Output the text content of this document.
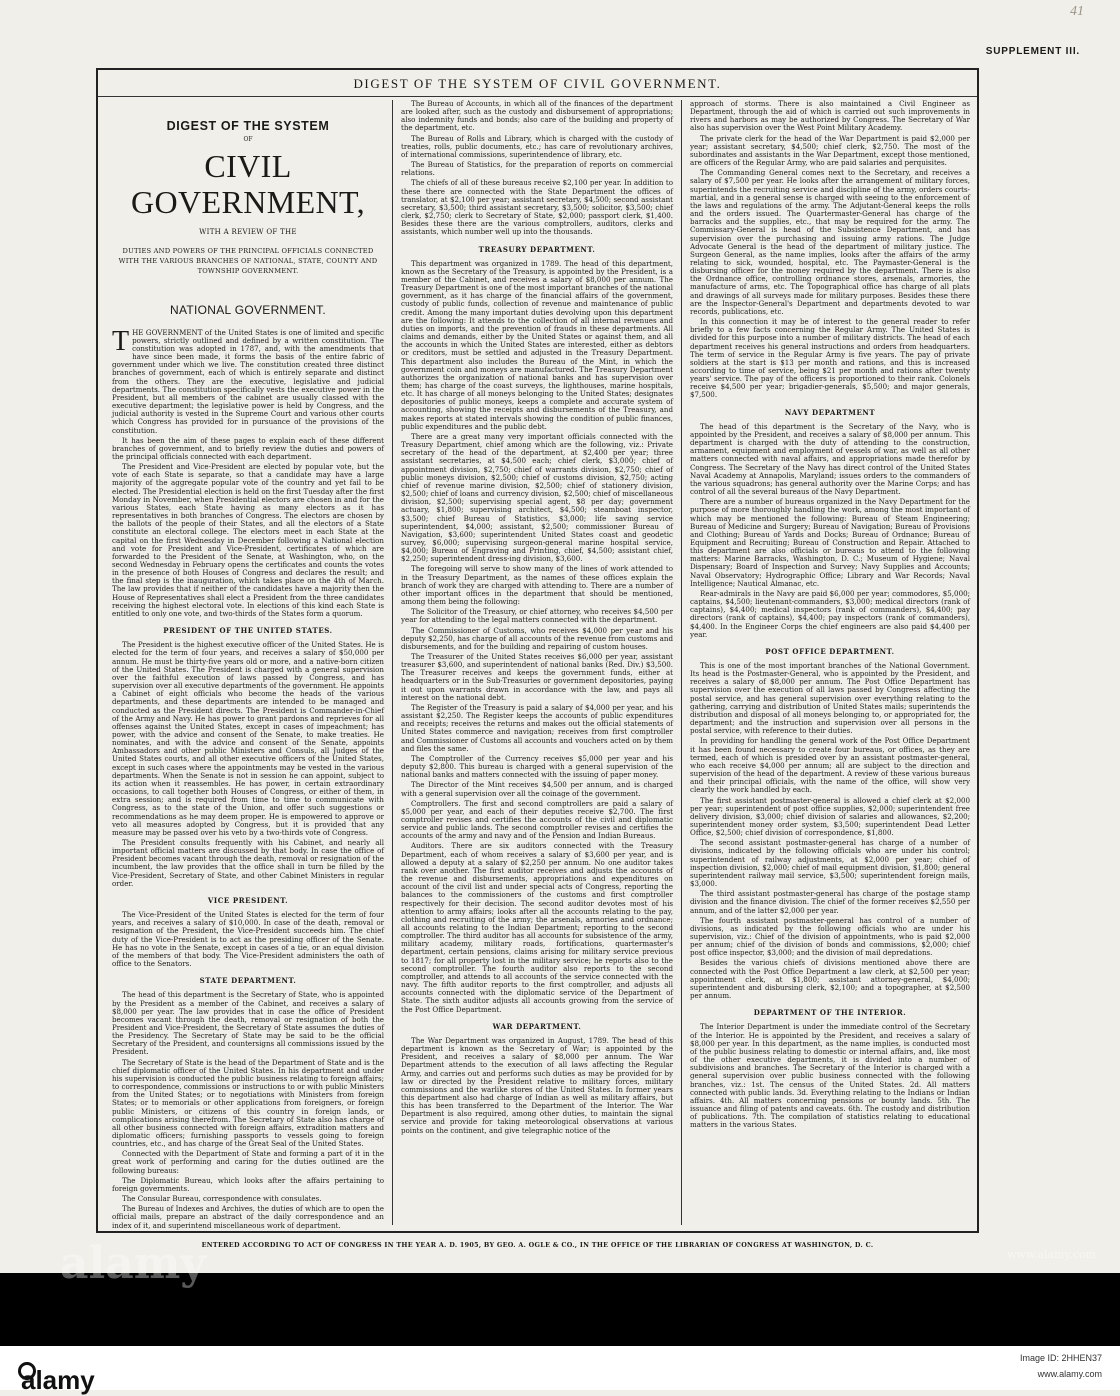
41
SUPPLEMENT III.
DIGEST OF THE SYSTEM OF CIVIL GOVERNMENT.
DIGEST OF THE SYSTEM
OF
CIVIL GOVERNMENT,
WITH A REVIEW OF THE
DUTIES AND POWERS OF THE PRINCIPAL OFFICIALS CONNECTED WITH THE VARIOUS BRANCHES OF NATIONAL, STATE, COUNTY AND TOWNSHIP GOVERNMENT.
NATIONAL GOVERNMENT.

THE GOVERNMENT of the United States is one of limited and specific powers, strictly outlined and defined by a written constitution. The constitution was adopted in 1787, and, with the amendments that have since been made, it forms the basis of the entire fabric of government under which we live. The constitution created three distinct branches of government, each of which is entirely separate and distinct from the others. They are the executive, legislative and judicial departments. The constitution specifically vests the executive power in the President, but all members of the cabinet are usually classed with the executive department; the legislative power is held by Congress, and the judicial authority is vested in the Supreme Court and various other courts which Congress has provided for in pursuance of the provisions of the constitution.

It has been the aim of these pages to explain each of these different branches of government, and to briefly review the duties and powers of the principal officials connected with each department.

The President and Vice-President are elected by popular vote, but the vote of each State is separate, so that a candidate may have a large majority of the aggregate popular vote of the country and yet fail to be elected. The Presidential election is held on the first Tuesday after the first Monday in November, when Presidential electors are chosen in and for the various States, each State having as many electors as it has representatives in both branches of Congress. The electors are chosen by the ballots of the people of their States, and all the electors of a State constitute an electoral college. The electors meet in each State at the capital on the first Wednesday in December following a National election and vote for President and Vice-President, certificates of which are forwarded to the President of the Senate, at Washington, who, on the second Wednesday in February opens the certificates and counts the votes in the presence of both Houses of Congress and declares the result; and the final step is the inauguration, which takes place on the 4th of March. The law provides that if neither of the candidates have a majority then the House of Representatives shall elect a President from the three candidates receiving the highest electoral vote. In elections of this kind each State is entitled to only one vote, and two-thirds of the States form a quorum.

PRESIDENT OF THE UNITED STATES.

The President is the highest executive officer of the United States. He is elected for the term of four years, and receives a salary of $50,000 per annum. He must be thirty-five years old or more, and a native-born citizen of the United States. The President is charged with a general supervision over the faithful execution of laws passed by Congress, and has supervision over all executive departments of the government. He appoints a Cabinet of eight officials who become the heads of the various departments, and these departments are intended to be managed and conducted as the President directs. The President is Commander-in-Chief of the Army and Navy. He has power to grant pardons and reprieves for all offenses against the United States, except in cases of impeachment; has power, with the advice and consent of the Senate, to make treaties. He nominates, and with the advice and consent of the Senate, appoints Ambassadors and other public Ministers and Consuls, all Judges of the United States courts, and all other executive officers of the United States, except in such cases where the appointments may be vested in the various departments. When the Senate is not in session he can appoint, subject to its action when it reassembles. He has power, in certain extraordinary occasions, to call together both Houses of Congress, or either of them, in extra session; and is required from time to time to communicate with Congress, as to the state of the Union, and offer such suggestions or recommendations as he may deem proper. He is empowered to approve or veto all measures adopted by Congress, but it is provided that any measure may be passed over his veto by a two-thirds vote of Congress.

The President consults frequently with his Cabinet, and nearly all important official matters are discussed by that body. In case the office of President becomes vacant through the death, removal or resignation of the incumbent, the law provides that the office shall in turn be filled by the Vice-President, Secretary of State, and other Cabinet Ministers in regular order.

VICE PRESIDENT.

The Vice-President of the United States is elected for the term of four years, and receives a salary of $10,000. In case of the death, removal or resignation of the President, the Vice-President succeeds him. The chief duty of the Vice-President is to act as the presiding officer of the Senate. He has no vote in the Senate, except in cases of a tie, or an equal division of the members of that body. The Vice-President administers the oath of office to the Senators.

STATE DEPARTMENT.

The head of this department is the Secretary of State, who is appointed by the President as a member of the Cabinet, and receives a salary of $8,000 per year. The law provides that in case the office of President becomes vacant through the death, removal or resignation of both the President and Vice-President, the Secretary of State assumes the duties of the Presidency. The Secretary of State may be said to be the official Secretary of the President, and countersigns all commissions issued by the President.

The Secretary of State is the head of the Department of State and is the chief diplomatic officer of the United States. In his department and under his supervision is conducted the public business relating to foreign affairs; to correspondence, commissions or instructions to or with public Ministers from the United States; or to negotiations with Ministers from foreign States; or to memorials or other applications from foreigners, or foreign public Ministers, or citizens of this country in foreign lands, or complications arising therefrom. The Secretary of State also has charge of all other business connected with foreign affairs, extradition matters and diplomatic officers; furnishing passports to vessels going to foreign countries, etc., and has charge of the Great Seal of the United States.

Connected with the Department of State and forming a part of it in the great work of performing and caring for the duties outlined are the following bureaus:

The Diplomatic Bureau, which looks after the affairs pertaining to foreign governments.

The Consular Bureau, correspondence with consulates.

The Bureau of Indexes and Archives, the duties of which are to open the official mails, prepare an abstract of the daily correspondence and an index of it, and superintend miscellaneous work of department.

The Bureau of Accounts, in which all of the finances of the department are looked after, such as the custody and disbursement of appropriations; also indemnity funds and bonds; also care of the building and property of the department, etc.

The Bureau of Rolls and Library, which is charged with the custody of treaties, rolls, public documents, etc.; has care of revolutionary archives, of international commissions, superintendence of library, etc.

The Bureau of Statistics, for the preparation of reports on commercial relations.

The chiefs of all of these bureaus receive $2,100 per year. In addition to these there are connected with the State Department the offices of translator, at $2,100 per year; assistant secretary, $4,500; second assistant secretary, $3,500; third assistant secretary, $3,500; solicitor, $3,500; chief clerk, $2,750; clerk to Secretary of State, $2,000; passport clerk, $1,400. Besides these there are the various comptrollers, auditors, clerks and assistants, which number well up into the thousands.

TREASURY DEPARTMENT.

This department was organized in 1789. The head of this department, known as the Secretary of the Treasury, is appointed by the President, is a member of the Cabinet, and receives a salary of $8,000 per annum. The Treasury Department is one of the most important branches of the national government, as it has charge of the financial affairs of the government, custody of public funds, collection of revenue and maintenance of public credit. Among the many important duties devolving upon this department are the following: It attends to the collection of all internal revenues and duties on imports, and the prevention of frauds in these departments. All claims and demands, either by the United States or against them, and all the accounts in which the United States are interested, either as debtors or creditors, must be settled and adjusted in the Treasury Department. This department also includes the Bureau of the Mint, in which the government coin and moneys are manufactured. The Treasury Department authorizes the organization of national banks and has supervision over them; has charge of the coast surveys, the lighthouses, marine hospitals, etc. It has charge of all moneys belonging to the United States; designates depositories of public moneys, keeps a complete and accurate system of accounting, showing the receipts and disbursements of the Treasury, and makes reports at stated intervals showing the condition of public finances, public expenditures and the public debt.

There are a great many very important officials connected with the Treasury Department, chief among which are the following, viz.: Private secretary of the head of the department, at $2,400 per year; three assistant secretaries, at $4,500 each; chief clerk, $3,000; chief of appointment division, $2,750; chief of warrants division, $2,750; chief of public moneys division, $2,500; chief of customs division, $2,750; acting chief of revenue marine division, $2,500; chief of stationery division, $2,500; chief of loans and currency division, $2,500; chief of miscellaneous division, $2,500; supervising special agent, $8 per day; government actuary, $1,800; supervising architect, $4,500; steamboat inspector, $3,500; chief Bureau of Statistics, $3,000; life saving service superintendent, $4,000; assistant, $2,500; commissioner Bureau of Navigation, $3,600; superintendent United States coast and geodetic survey, $6,000; supervising surgeon-general marine hospital service, $4,000; Bureau of Engraving and Printing, chief, $4,500; assistant chief, $2,250; superintendent dress-ing division, $3,600.

The foregoing will serve to show many of the lines of work attended to in the Treasury Department, as the names of these offices explain the branch of work they are charged with attending to. There are a number of other important offices in the department that should be mentioned, among them being the following:

The Solicitor of the Treasury, or chief attorney, who receives $4,500 per year for attending to the legal matters connected with the department.

The Commissioner of Customs, who receives $4,000 per year and his deputy $2,250, has charge of all accounts of the revenue from customs and disbursements, and for the building and repairing of custom houses.

The Treasurer of the United States receives $6,000 per year, assistant treasurer $3,600, and superintendent of national banks (Red. Div.) $3,500. The Treasurer receives and keeps the government funds, either at headquarters or in the Sub-Treasuries or government depositories, paying it out upon warrants drawn in accordance with the law, and pays all interest on the national debt.

The Register of the Treasury is paid a salary of $4,000 per year, and his assistant $2,250. The Register keeps the accounts of public expenditures and receipts; receives the returns and makes out the official statements of United States commerce and navigation; receives from first comptroller and Commissioner of Customs all accounts and vouchers acted on by them and files the same.

The Comptroller of the Currency receives $5,000 per year and his deputy $2,800. This bureau is charged with a general supervision of the national banks and matters connected with the issuing of paper money.

The Director of the Mint receives $4,500 per annum, and is charged with a general supervision over all the coinage of the government.

Comptrollers. The first and second comptrollers are paid a salary of $5,000 per year, and each of their deputies receive $2,700. The first comptroller revises and certifies the accounts of the civil and diplomatic service and public lands. The second comptroller revises and certifies the accounts of the army and navy and of the Pension and Indian Bureaus.

Auditors. There are six auditors connected with the Treasury Department, each of whom receives a salary of $3,600 per year, and is allowed a deputy at a salary of $2,250 per annum. No one auditor takes rank over another. The first auditor receives and adjusts the accounts of the revenue and disbursements, appropriations and expenditures on account of the civil list and under special acts of Congress, reporting the balances to the commissioners of the customs and first comptroller respectively for their decision. The second auditor devotes most of his attention to army affairs; looks after all the accounts relating to the pay, clothing and recruiting of the army; the arsenals, armories and ordnance; all accounts relating to the Indian Department; reporting to the second comptroller. The third auditor has all accounts for subsistence of the army, military academy, military roads, fortifications, quartermaster's department, certain pensions, claims arising for military service previous to 1817; for all property lost in the military service; he reports also to the second comptroller. The fourth auditor also reports to the second comptroller, and attends to all accounts of the service connected with the navy. The fifth auditor reports to the first comptroller, and adjusts all accounts connected with the diplomatic service of the Department of State. The sixth auditor adjusts all accounts growing from the service of the Post Office Department.

WAR DEPARTMENT.

The War Department was organized in August, 1789. The head of this department is known as the Secretary of War; is appointed by the President, and receives a salary of $8,000 per annum. The War Department attends to the execution of all laws affecting the Regular Army, and carries out and performs such duties as may be provided for by law or directed by the President relative to military forces, military commissions and the warlike stores of the United States. In former years this department also had charge of Indian as well as military affairs, but this has been transferred to the Department of the Interior. The War Department is also required, among other duties, to maintain the signal service and provide for taking meteorological observations at various points on the continent, and give telegraphic notice of the

approach of storms. There is also maintained a Civil Engineer as Department, through the aid of which is carried out such improvements in rivers and harbors as may be authorized by Congress. The Secretary of War also has supervision over the West Point Military Academy.

The private clerk for the head of the War Department is paid $2,000 per year; assistant secretary, $4,500; chief clerk, $2,750. The most of the subordinates and assistants in the War Department, except those mentioned, are officers of the Regular Army, who are paid salaries and perquisites.

The Commanding General comes next to the Secretary, and receives a salary of $7,500 per year. He looks after the arrangement of military forces, superintends the recruiting service and discipline of the army, orders courts-martial, and in a general sense is charged with seeing to the enforcement of the laws and regulations of the army. The Adjutant-General keeps the rolls and the orders issued. The Quartermaster-General has charge of the barracks and the supplies, etc., that may be required for the army. The Commissary-General is head of the Subsistence Department, and has supervision over the purchasing and issuing army rations. The Judge Advocate General is the head of the department of military justice. The Surgeon General, as the name implies, looks after the affairs of the army relating to sick, wounded, hospital, etc. The Paymaster-General is the disbursing officer for the money required by the department. There is also the Ordnance office, controlling ordnance stores, arsenals, armories, the manufacture of arms, etc. The Topographical office has charge of all plats and drawings of all surveys made for military purposes. Besides these there are the Inspector-General's Department and departments devoted to war records, publications, etc.

In this connection it may be of interest to the general reader to refer briefly to a few facts concerning the Regular Army. The United States is divided for this purpose into a number of military districts. The head of each department receives his general instructions and orders from headquarters. The term of service in the Regular Army is five years. The pay of private soldiers at the start is $13 per month and rations, and this is increased according to time of service, being $21 per month and rations after twenty years' service. The pay of the officers is proportioned to their rank. Colonels receive $4,500 per year; brigadier-generals, $5,500; and major generals, $7,500.

NAVY DEPARTMENT

The head of this department is the Secretary of the Navy, who is appointed by the President, and receives a salary of $8,000 per annum. This department is charged with the duty of attending to the construction, armament, equipment and employment of vessels of war, as well as all other matters connected with naval affairs, and appropriations made therefor by Congress. The Secretary of the Navy has direct control of the United States Naval Academy at Annapolis, Maryland; issues orders to the commanders of the various squadrons; has general authority over the Marine Corps; and has control of all the several bureaus of the Navy Department.

There are a number of bureaus organized in the Navy Department for the purpose of more thoroughly handling the work, among the most important of which may be mentioned the following: Bureau of Steam Engineering; Bureau of Medicine and Surgery; Bureau of Navigation; Bureau of Provisions and Clothing; Bureau of Yards and Docks; Bureau of Ordnance; Bureau of Equipment and Recruiting; Bureau of Construction and Repair. Attached to this department are also officials or bureaus to attend to the following matters: Marine Barracks, Washington, D. C.; Museum of Hygiene; Naval Dispensary; Board of Inspection and Survey; Navy Supplies and Accounts; Naval Observatory; Hydrographic Office; Library and War Records; Naval Intelligence; Nautical Almanac, etc.

Rear-admirals in the Navy are paid $6,000 per year; commodores, $5,000; captains, $4,500; lieutenant-commanders, $3,000; medical directors (rank of captains), $4,400; medical inspectors (rank of commanders), $4,400; pay directors (rank of captains), $4,400; pay inspectors (rank of commanders), $4,400. In the Engineer Corps the chief engineers are also paid $4,400 per year.

POST OFFICE DEPARTMENT.

This is one of the most important branches of the National Government. Its head is the Postmaster-General, who is appointed by the President, and receives a salary of $8,000 per annum. The Post Office Department has supervision over the execution of all laws passed by Congress affecting the postal service, and has general supervision over everything relating to the gathering, carrying and distribution of United States mails; superintends the distribution and disposal of all moneys belonging to, or appropriated for, the department; and the instruction and supervision over all persons in the postal service, with reference to their duties.

In providing for handling the general work of the Post Office Department it has been found necessary to create four bureaus, or offices, as they are termed, each of which is presided over by an assistant postmaster-general, who each receive $4,000 per annum; all are subject to the direction and supervision of the head of the department. A review of these various bureaus and their principal officials, with the name of the office, will show very clearly the work handled by each.

The first assistant postmaster-general is allowed a chief clerk at $2,000 per year; superintendent of post office supplies, $2,000; superintendent free delivery division, $3,000; chief division of salaries and allowances, $2,200; superintendent money order system, $3,500; superintendent Dead Letter Office, $2,500; chief division of correspondence, $1,800.

The second assistant postmaster-general has charge of a number of divisions, indicated by the following officials who are under his control; superintendent of railway adjustments, at $2,000 per year; chief of inspection division, $2,000; chief of mail equipment division, $1,800; general superintendent railway mail service, $3,500; superintendent foreign mails, $3,000.

The third assistant postmaster-general has charge of the postage stamp division and the finance division. The chief of the former receives $2,550 per annum, and of the latter $2,000 per year.

The fourth assistant postmaster-general has control of a number of divisions, as indicated by the following officials who are under his supervision, viz.: Chief of the division of appointments, who is paid $2,000 per annum; chief of the division of bonds and commissions, $2,000; chief post office inspector, $3,000; and the division of mail depredations.

Besides the various chiefs of divisions mentioned above there are connected with the Post Office Department a law clerk, at $2,500 per year; appointment clerk, at $1,800; assistant attorney-general, $4,000; superintendent and disbursing clerk, $2,100; and a topographer, at $2,500 per annum.

DEPARTMENT OF THE INTERIOR.

The Interior Department is under the immediate control of the Secretary of the Interior. He is appointed by the President, and receives a salary of $8,000 per year. In this department, as the name implies, is conducted most of the public business relating to domestic or internal affairs, and, like most of the other executive departments, it is divided into a number of subdivisions and branches. The Secretary of the Interior is charged with a general supervision over public business connected with the following branches, viz.: 1st. The census of the United States. 2d. All matters connected with public lands. 3d. Everything relating to the Indians or Indian affairs. 4th. All matters concerning pensions or bounty lands. 5th. The issuance and filing of patents and caveats. 6th. The custody and distribution of publications. 7th. The compilation of statistics relating to educational matters in the various States.

ENTERED ACCORDING TO ACT OF CONGRESS IN THE YEAR A. D. 1905, BY GEO. A. OGLE & CO., IN THE OFFICE OF THE LIBRARIAN OF CONGRESS AT WASHINGTON, D. C.
alamy
Image ID: 2HHEN37
www.alamy.com
alamy	www.alamy.com
